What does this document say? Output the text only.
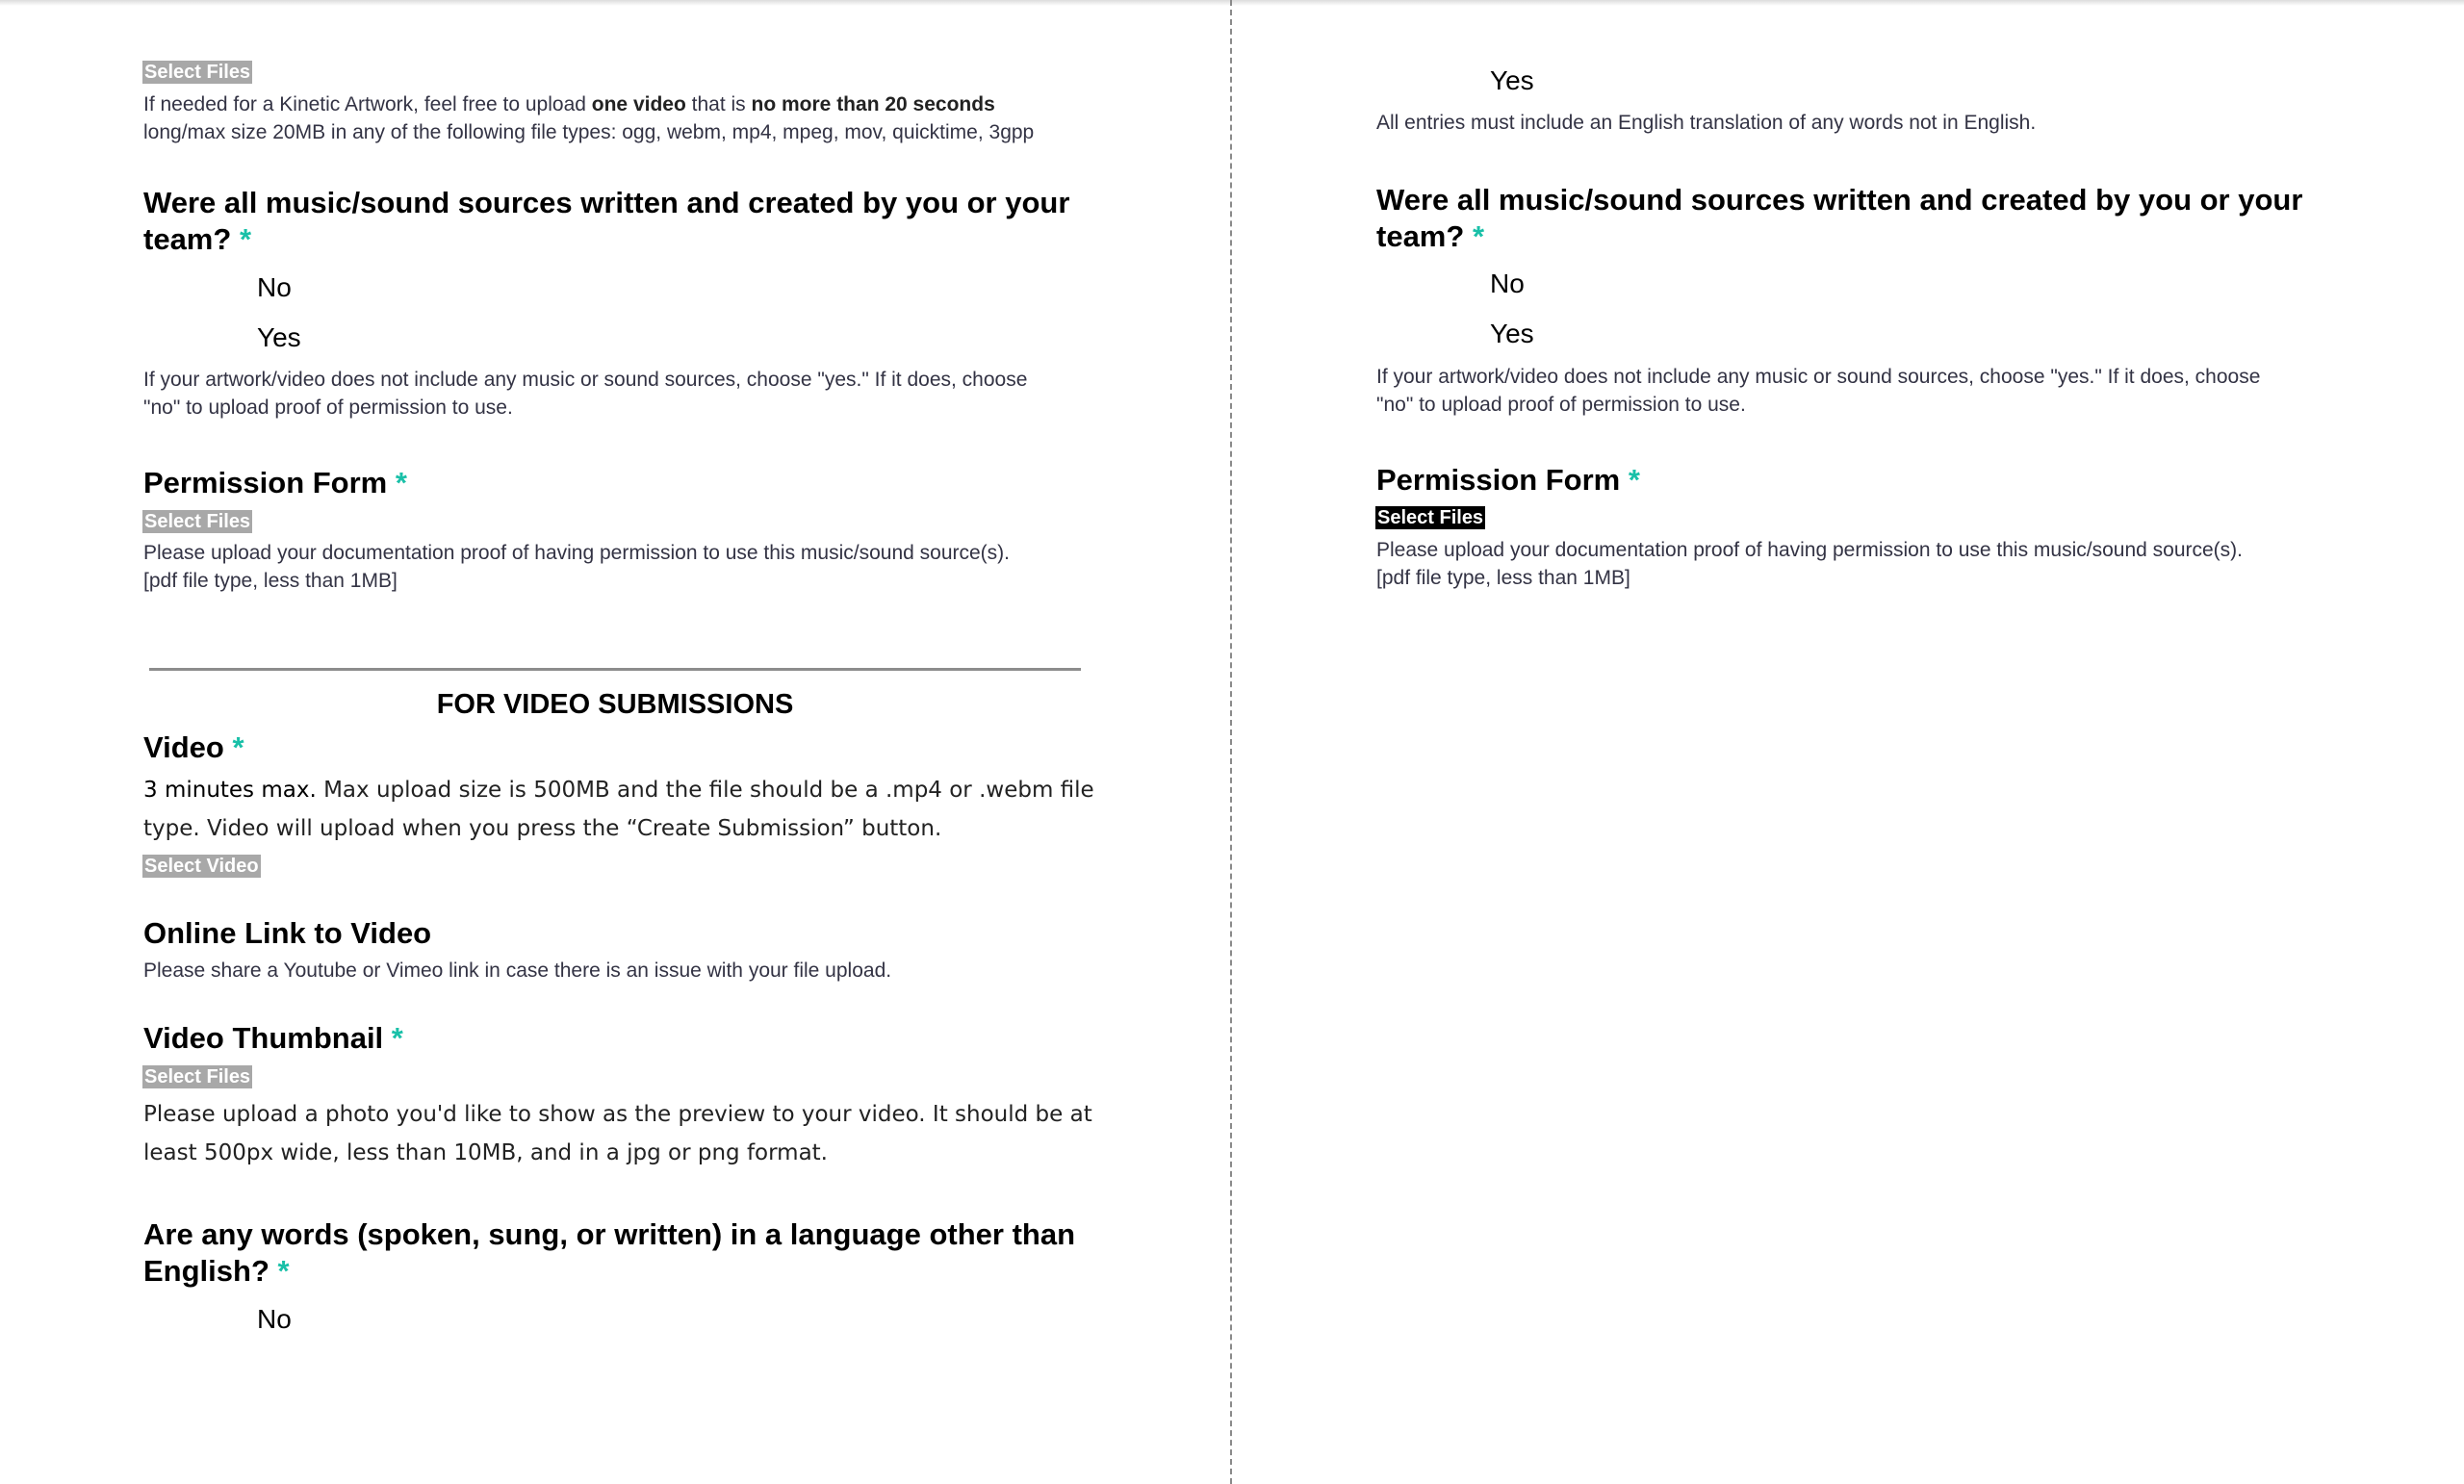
Select Files
If needed for a Kinetic Artwork, feel free to upload one video that is no more than 20 seconds
long/max size 20MB in any of the following file types: ogg, webm, mp4, mpeg, mov, quicktime, 3gpp
Were all music/sound sources written and created by you or your
team? *
No
Yes
If your artwork/video does not include any music or sound sources, choose "yes." If it does, choose
"no" to upload proof of permission to use.
Permission Form *
Select Files
Please upload your documentation proof of having permission to use this music/sound source(s).
[pdf file type, less than 1MB]
FOR VIDEO SUBMISSIONS
Video *
3 minutes max. Max upload size is 500MB and the file should be a .mp4 or .webm file
type. Video will upload when you press the “Create Submission” button.
Select Video
Online Link to Video
Please share a Youtube or Vimeo link in case there is an issue with your file upload.
Video Thumbnail *
Select Files
Please upload a photo you'd like to show as the preview to your video. It should be at
least 500px wide, less than 10MB, and in a jpg or png format.
Are any words (spoken, sung, or written) in a language other than
English? *
No
Yes
All entries must include an English translation of any words not in English.
Were all music/sound sources written and created by you or your
team? *
No
Yes
If your artwork/video does not include any music or sound sources, choose "yes." If it does, choose
"no" to upload proof of permission to use.
Permission Form *
Select Files
Please upload your documentation proof of having permission to use this music/sound source(s).
[pdf file type, less than 1MB]
